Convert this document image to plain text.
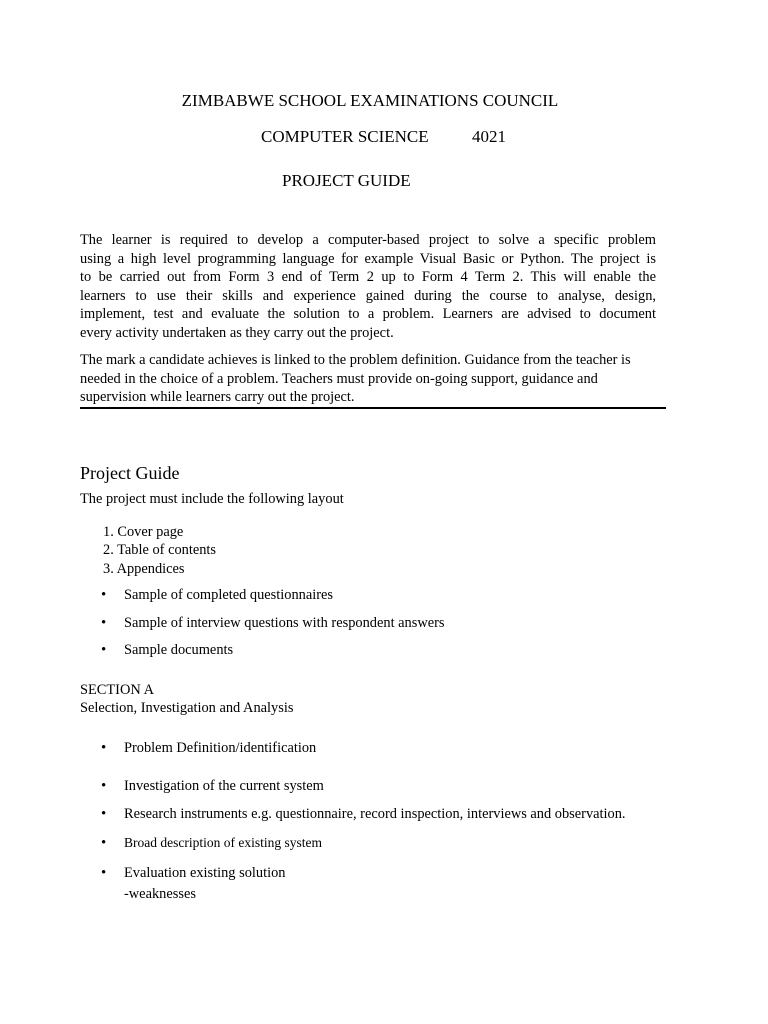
ZIMBABWE SCHOOL EXAMINATIONS COUNCIL
COMPUTER SCIENCE	4021
PROJECT GUIDE
The learner is required to develop a computer-based project to solve a specific problem
using a high level programming language for example Visual Basic or Python. The project is
to be carried out from Form 3 end of Term 2 up to Form 4 Term 2. This will enable the
learners to use their skills and experience gained during the course to analyse, design,
implement, test and evaluate the solution to a problem. Learners are advised to document
every activity undertaken as they carry out the project.
The mark a candidate achieves is linked to the problem definition. Guidance from the teacher is
needed in the choice of a problem. Teachers must provide on-going support, guidance and
supervision while learners carry out the project.
Project Guide
The project must include the following layout
1. Cover page
2. Table of contents
3. Appendices
• Sample of completed questionnaires
• Sample of interview questions with respondent answers
• Sample documents
SECTION A
Selection, Investigation and Analysis
• Problem Definition/identification
• Investigation of the current system
• Research instruments e.g. questionnaire, record inspection, interviews and observation.
• Broad description of existing system
• Evaluation existing solution
-weaknesses
